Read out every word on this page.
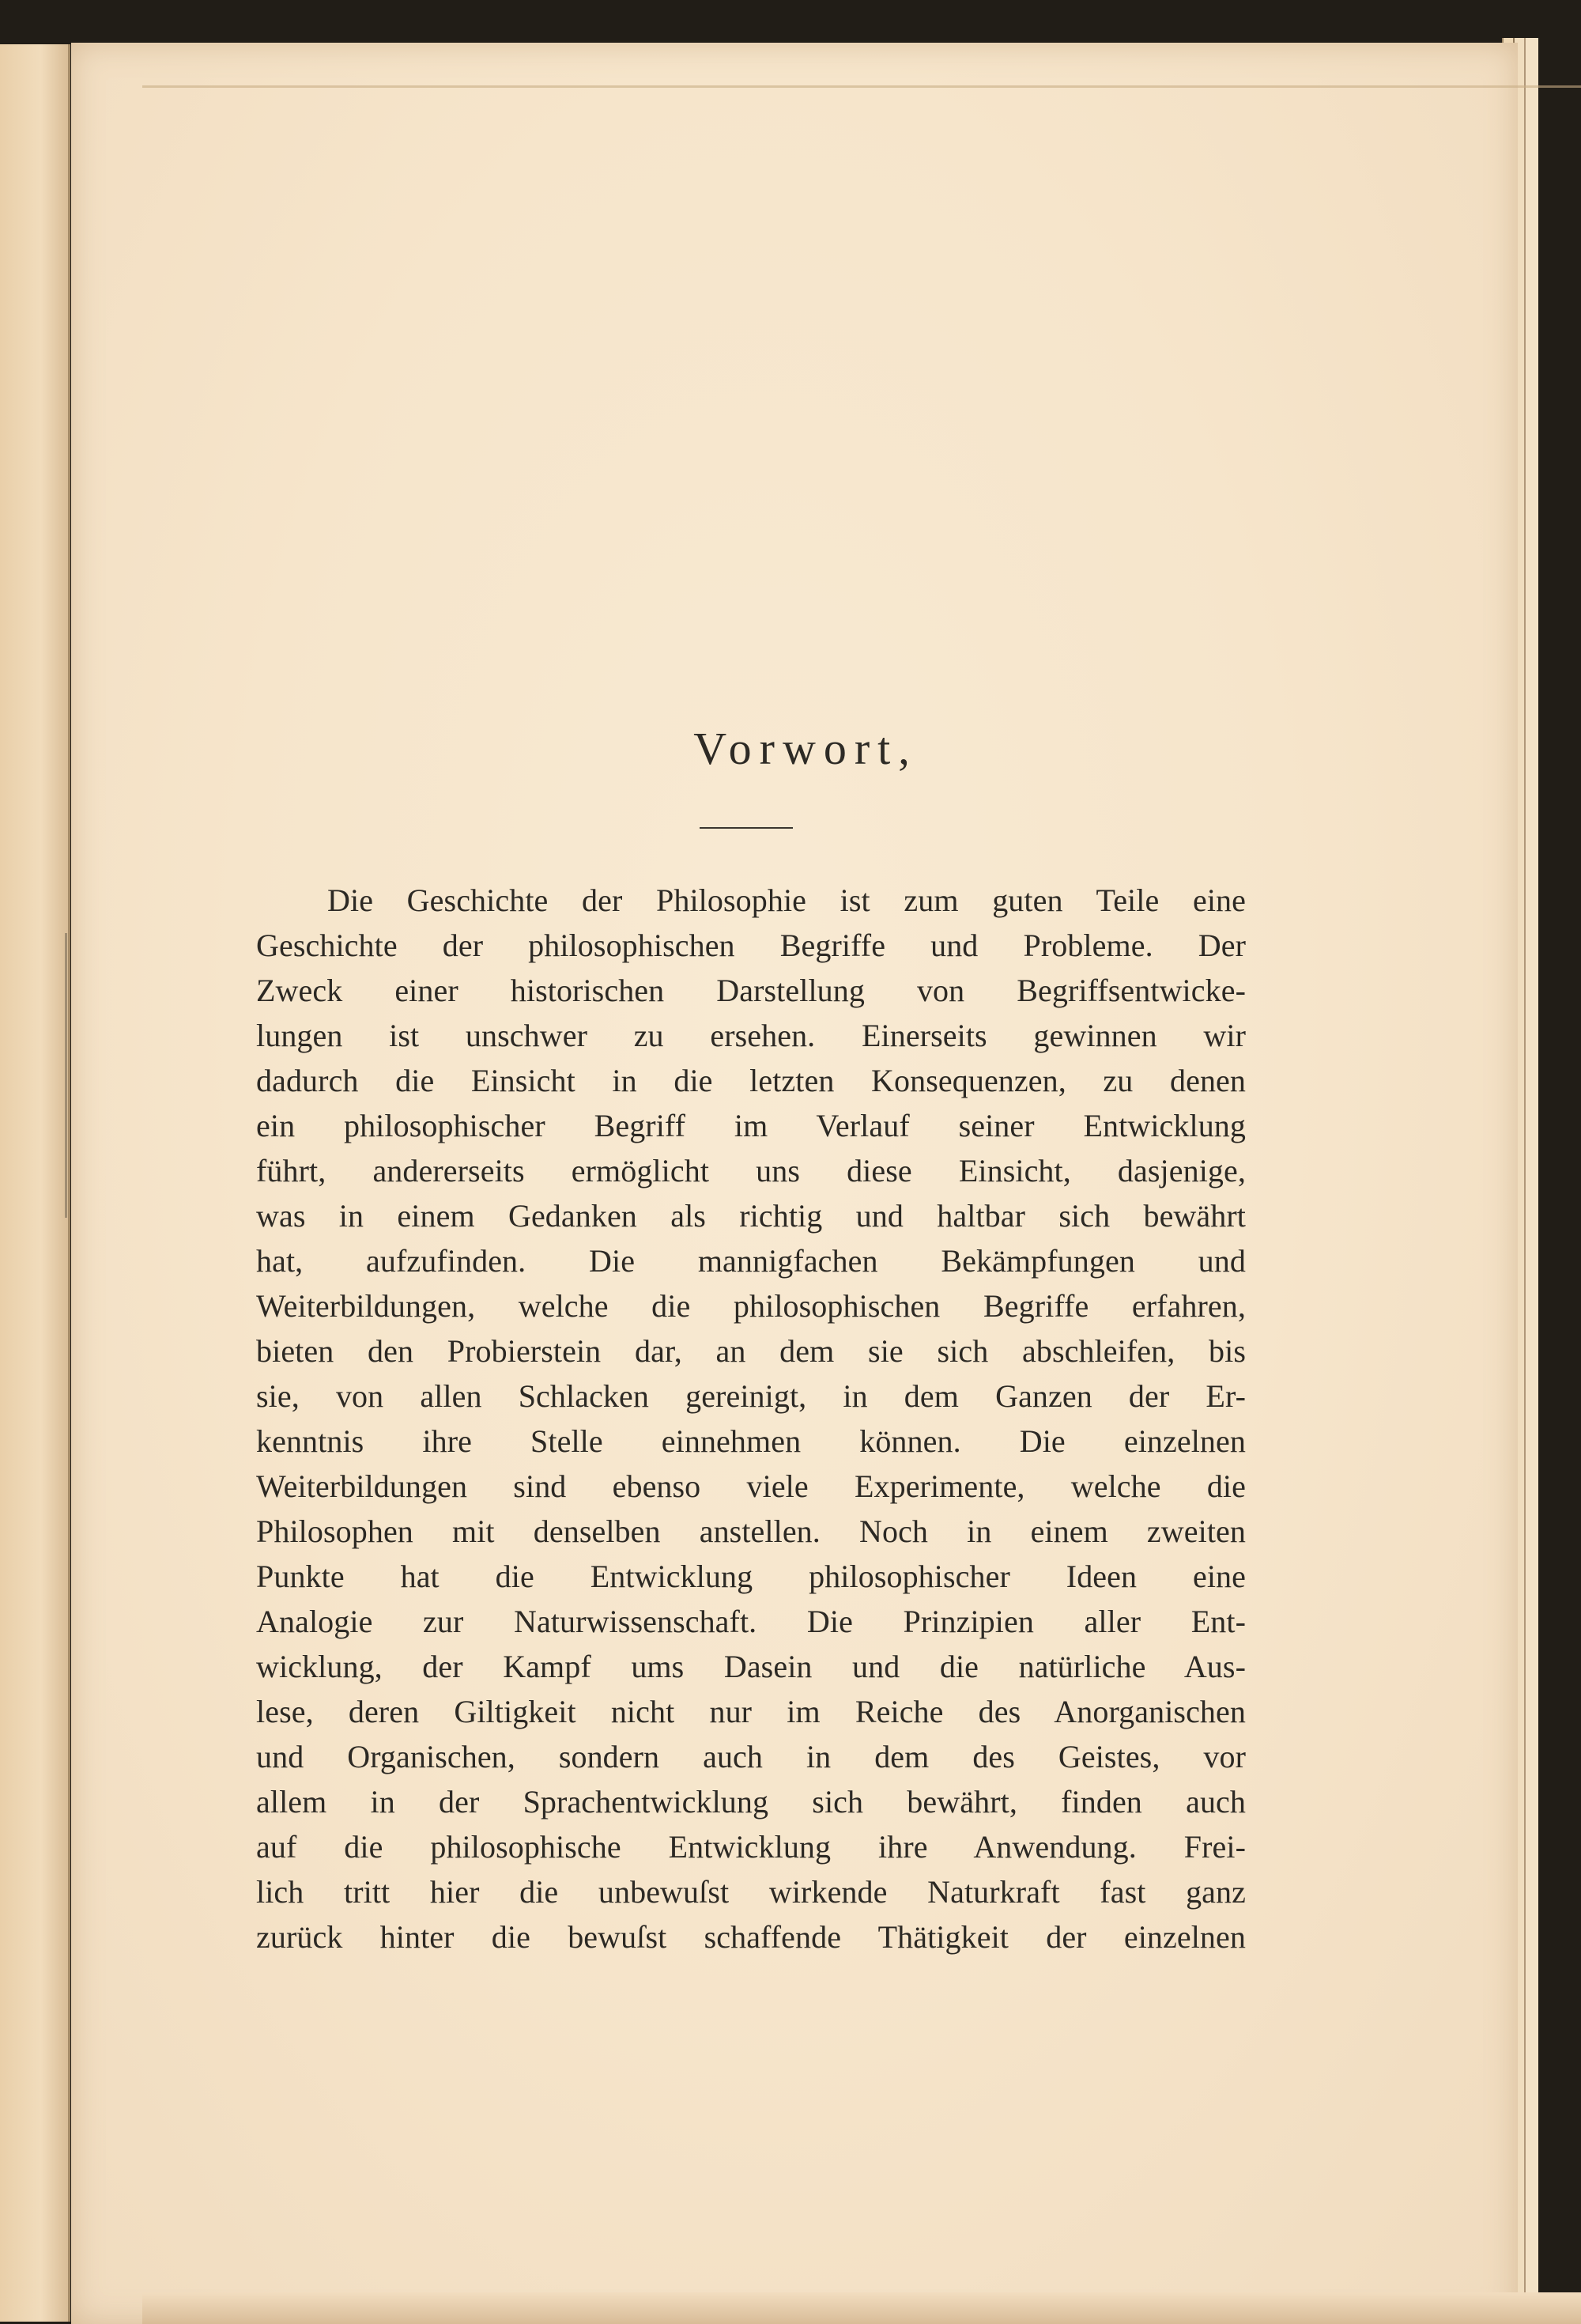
Vorwort,
Die Geschichte der Philosophie ist zum guten Teile eine
Geschichte der philosophischen Begriffe und Probleme. Der
Zweck einer historischen Darstellung von Begriffsentwicke-
lungen ist unschwer zu ersehen. Einerseits gewinnen wir
dadurch die Einsicht in die letzten Konsequenzen, zu denen
ein philosophischer Begriff im Verlauf seiner Entwicklung
führt, andererseits ermöglicht uns diese Einsicht, dasjenige,
was in einem Gedanken als richtig und haltbar sich bewährt
hat, aufzufinden. Die mannigfachen Bekämpfungen und
Weiterbildungen, welche die philosophischen Begriffe erfahren,
bieten den Probierstein dar, an dem sie sich abschleifen, bis
sie, von allen Schlacken gereinigt, in dem Ganzen der Er-
kenntnis ihre Stelle einnehmen können. Die einzelnen
Weiterbildungen sind ebenso viele Experimente, welche die
Philosophen mit denselben anstellen. Noch in einem zweiten
Punkte hat die Entwicklung philosophischer Ideen eine
Analogie zur Naturwissenschaft. Die Prinzipien aller Ent-
wicklung, der Kampf ums Dasein und die natürliche Aus-
lese, deren Giltigkeit nicht nur im Reiche des Anorganischen
und Organischen, sondern auch in dem des Geistes, vor
allem in der Sprachentwicklung sich bewährt, finden auch
auf die philosophische Entwicklung ihre Anwendung. Frei-
lich tritt hier die unbewuſst wirkende Naturkraft fast ganz
zurück hinter die bewuſst schaffende Thätigkeit der einzelnen
